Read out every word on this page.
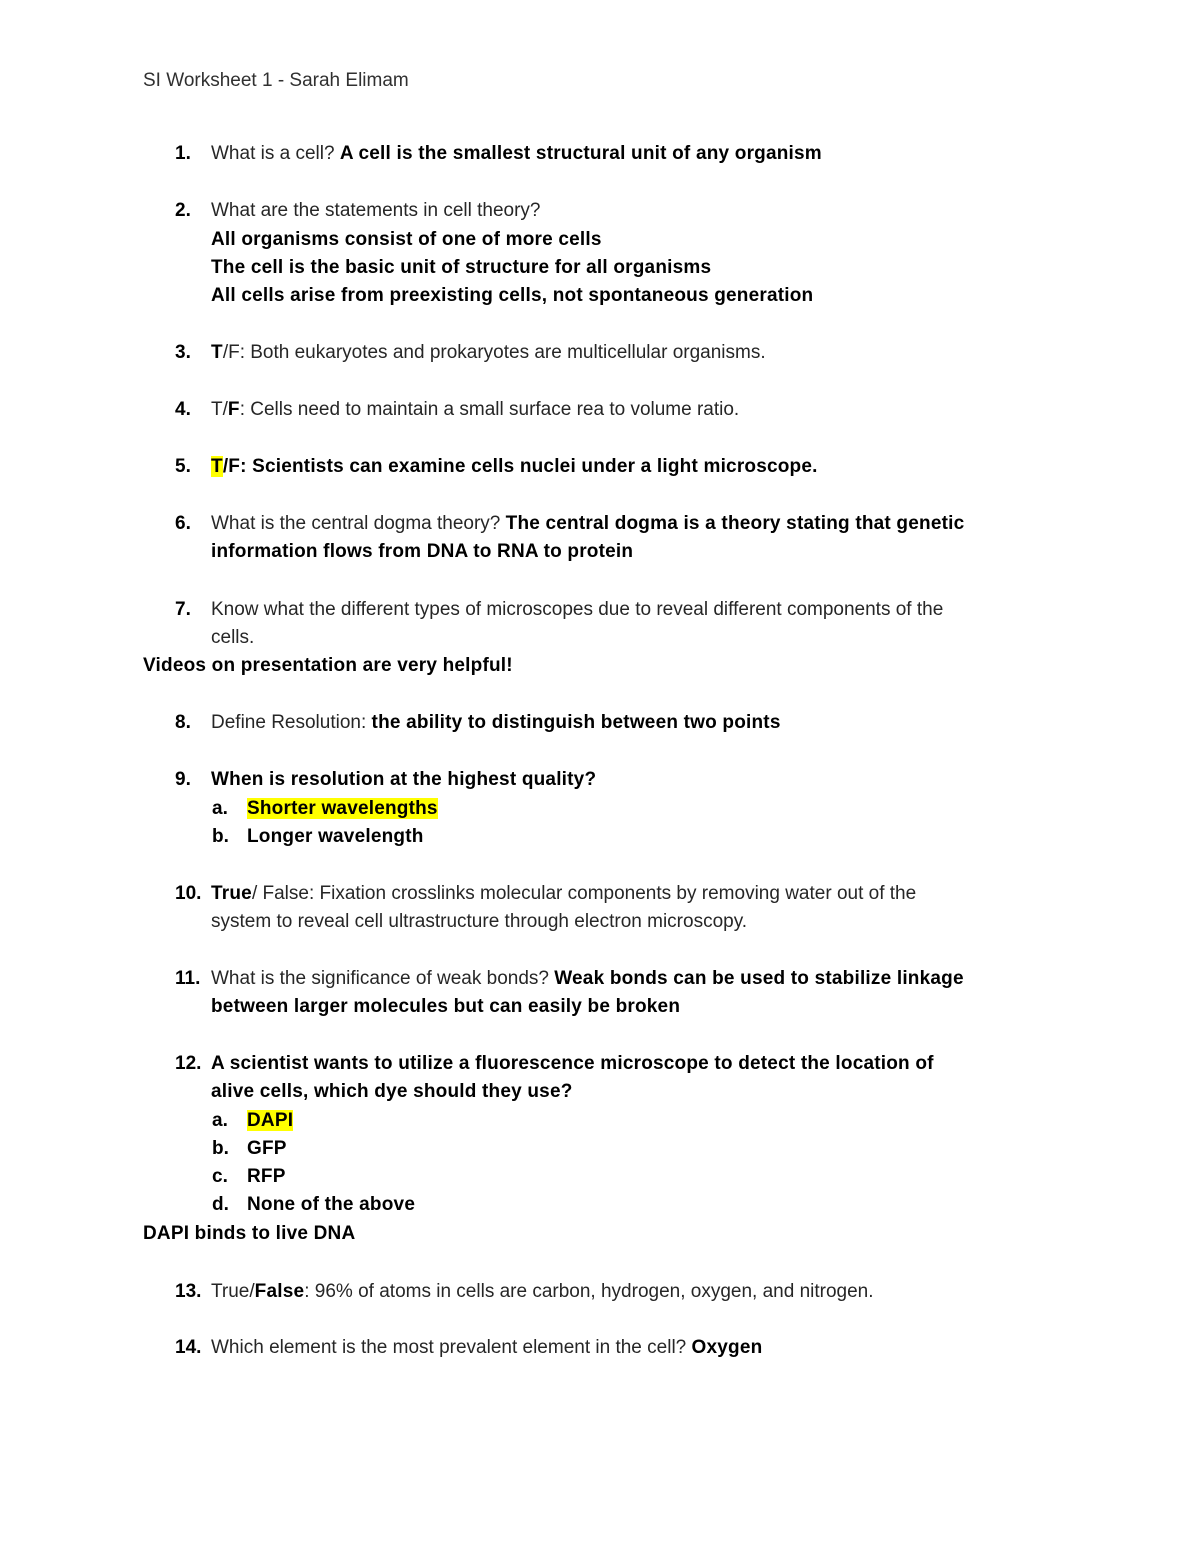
SI Worksheet 1 - Sarah Elimam
1. What is a cell? A cell is the smallest structural unit of any organism
2. What are the statements in cell theory?
All organisms consist of one of more cells
The cell is the basic unit of structure for all organisms
All cells arise from preexisting cells, not spontaneous generation
3. T/F: Both eukaryotes and prokaryotes are multicellular organisms.
4. T/F: Cells need to maintain a small surface rea to volume ratio.
5. T/F: Scientists can examine cells nuclei under a light microscope.
6. What is the central dogma theory? The central dogma is a theory stating that genetic
information flows from DNA to RNA to protein
7. Know what the different types of microscopes due to reveal different components of the
cells.
Videos on presentation are very helpful!
8. Define Resolution: the ability to distinguish between two points
9. When is resolution at the highest quality?
a. Shorter wavelengths
b. Longer wavelength
10. True/ False: Fixation crosslinks molecular components by removing water out of the
system to reveal cell ultrastructure through electron microscopy.
11. What is the significance of weak bonds? Weak bonds can be used to stabilize linkage
between larger molecules but can easily be broken
12. A scientist wants to utilize a fluorescence microscope to detect the location of
alive cells, which dye should they use?
a. DAPI
b. GFP
c. RFP
d. None of the above
DAPI binds to live DNA
13. True/False: 96% of atoms in cells are carbon, hydrogen, oxygen, and nitrogen.
14. Which element is the most prevalent element in the cell? Oxygen
